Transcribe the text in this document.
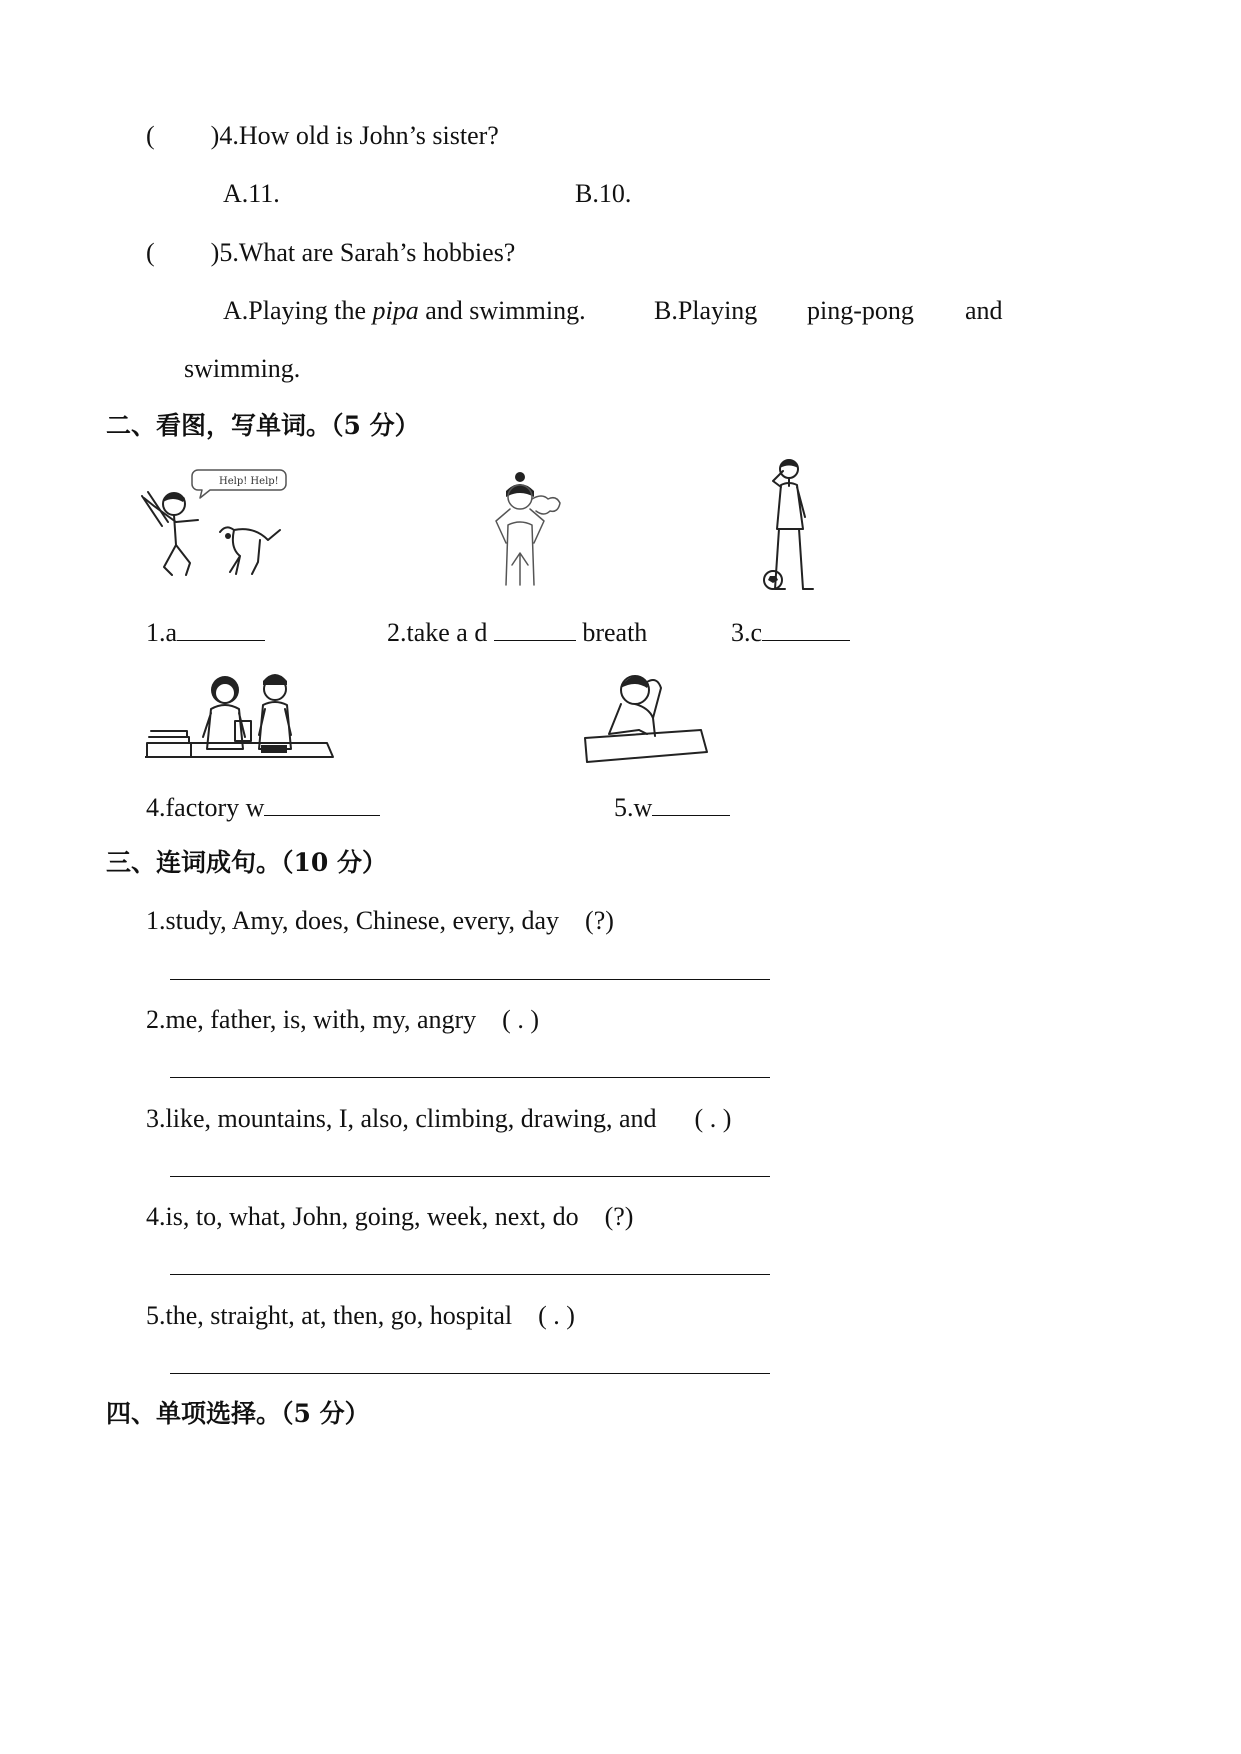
( )4.How old is John’s sister?
A.11.	B.10.
( )5.What are Sarah’s hobbies?
A.Playing the pipa and swimming.	B.Playing ping-pong and
swimming.
二、看图，写单词。（5 分）
Help! Help!
1.a	2.take a d	breath	3.c
4.factory w	5.w
三、连词成句。（10 分）
1.study, Amy, does, Chinese, every, day (?)
2.me, father, is, with, my, angry ( . )
3.like, mountains, I, also, climbing, drawing, and ( . )
4.is, to, what, John, going, week, next, do (?)
5.the, straight, at, then, go, hospital ( . )
四、单项选择。（5 分）
